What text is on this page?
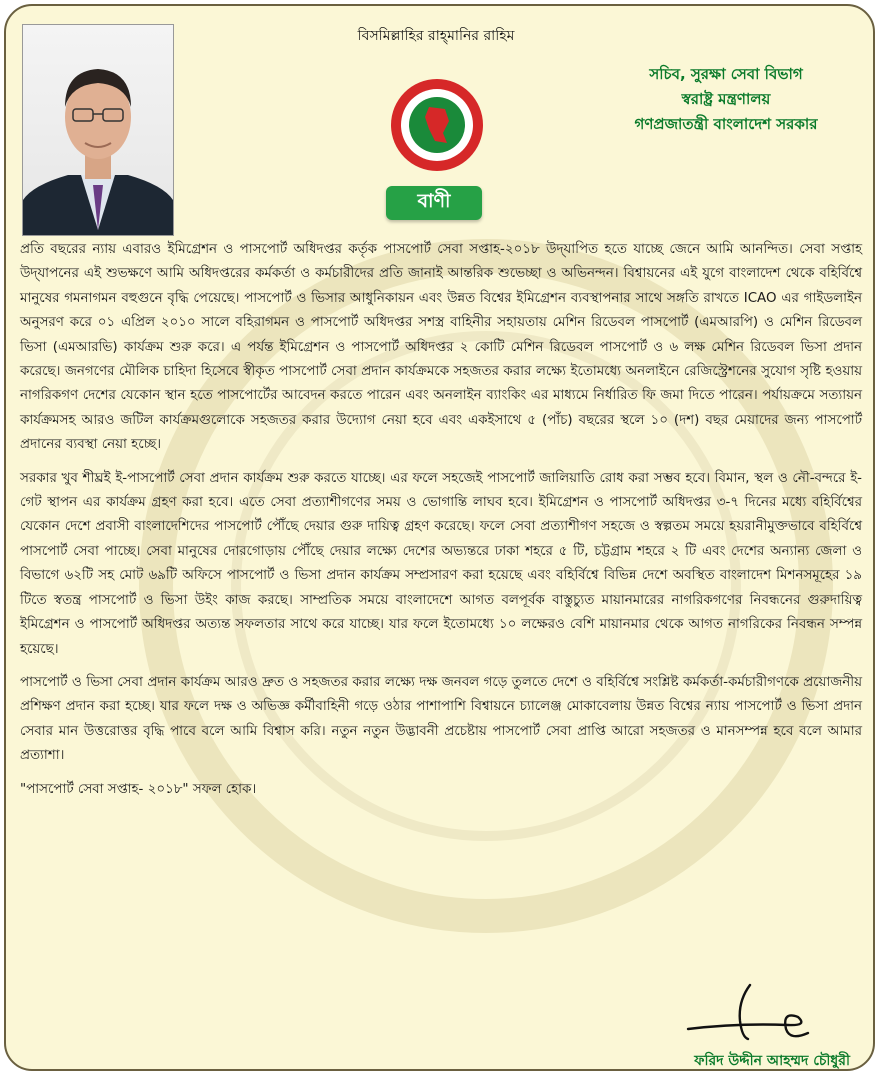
বিসমিল্লাহির রাহ্‌মানির রাহিম
সচিব, সুরক্ষা সেবা বিভাগ
স্বরাষ্ট্র মন্ত্রণালয়
গণপ্রজাতন্ত্রী বাংলাদেশ সরকার
বাণী

প্রতি বছরের ন্যায় এবারও ইমিগ্রেশন ও পাসপোর্ট অধিদপ্তর কর্তৃক পাসপোর্ট সেবা সপ্তাহ-২০১৮ উদ্‌যাপিত হতে যাচ্ছে জেনে আমি আনন্দিত। সেবা সপ্তাহ উদ্‌যাপনের এই শুভক্ষণে আমি অধিদপ্তরের কর্মকর্তা ও কর্মচারীদের প্রতি জানাই আন্তরিক শুভেচ্ছা ও অভিনন্দন। বিশ্বায়নের এই যুগে বাংলাদেশ থেকে বহির্বিশ্বে মানুষের গমনাগমন বহুগুনে বৃদ্ধি পেয়েছে। পাসপোর্ট ও ভিসার আধুনিকায়ন এবং উন্নত বিশ্বের ইমিগ্রেশন ব্যবস্থাপনার সাথে সঙ্গতি রাখতে ICAO এর গাইডলাইন অনুসরণ করে ০১ এপ্রিল ২০১০ সালে বহিরাগমন ও পাসপোর্ট অধিদপ্তর সশস্ত্র বাহিনীর সহায়তায় মেশিন রিডেবল পাসপোর্ট (এমআরপি) ও মেশিন রিডেবল ভিসা (এমআরভি) কার্যক্রম শুরু করে। এ পর্যন্ত ইমিগ্রেশন ও পাসপোর্ট অধিদপ্তর ২ কোটি মেশিন রিডেবল পাসপোর্ট ও ৬ লক্ষ মেশিন রিডেবল ভিসা প্রদান করেছে। জনগণের মৌলিক চাহিদা হিসেবে স্বীকৃত পাসপোর্ট সেবা প্রদান কার্যক্রমকে সহজতর করার লক্ষ্যে ইতোমধ্যে অনলাইনে রেজিস্ট্রেশনের সুযোগ সৃষ্টি হওয়ায় নাগরিকগণ দেশের যেকোন স্থান হতে পাসপোর্টের আবেদন করতে পারেন এবং অনলাইন ব্যাংকিং এর মাধ্যমে নির্ধারিত ফি জমা দিতে পারেন। পর্যায়ক্রমে সত্যায়ন কার্যক্রমসহ আরও জটিল কার্যক্রমগুলোকে সহজতর করার উদ্যোগ নেয়া হবে এবং একইসাথে ৫ (পাঁচ) বছরের স্থলে ১০ (দশ) বছর মেয়াদের জন্য পাসপোর্ট প্রদানের ব্যবস্থা নেয়া হচ্ছে।

সরকার খুব শীঘ্রই ই-পাসপোর্ট সেবা প্রদান কার্যক্রম শুরু করতে যাচ্ছে। এর ফলে সহজেই পাসপোর্ট জালিয়াতি রোধ করা সম্ভব হবে। বিমান, স্থল ও নৌ-বন্দরে ই-গেট স্থাপন এর কার্যক্রম গ্রহণ করা হবে। এতে সেবা প্রত্যাশীগণের সময় ও ভোগান্তি লাঘব হবে। ইমিগ্রেশন ও পাসপোর্ট অধিদপ্তর ৩-৭ দিনের মধ্যে বহির্বিশ্বের যেকোন দেশে প্রবাসী বাংলাদেশিদের পাসপোর্ট পৌঁছে দেয়ার গুরু দায়িত্ব গ্রহণ করেছে। ফলে সেবা প্রত্যাশীগণ সহজে ও স্বল্পতম সময়ে হয়রানীমুক্তভাবে বহির্বিশ্বে পাসপোর্ট সেবা পাচ্ছে। সেবা মানুষের দোরগোড়ায় পৌঁছে দেয়ার লক্ষ্যে দেশের অভ্যন্তরে ঢাকা শহরে ৫ টি, চট্টগ্রাম শহরে ২ টি এবং দেশের অন্যান্য জেলা ও বিভাগে ৬২টি সহ মোট ৬৯টি অফিসে পাসপোর্ট ও ভিসা প্রদান কার্যক্রম সম্প্রসারণ করা হয়েছে এবং বহির্বিশ্বে বিভিন্ন দেশে অবস্থিত বাংলাদেশ মিশনসমূহের ১৯ টিতে স্বতন্ত্র পাসপোর্ট ও ভিসা উইং কাজ করছে। সাম্প্রতিক সময়ে বাংলাদেশে আগত বলপূর্বক বাস্তুচ্যুত মায়ানমারের নাগরিকগণের নিবন্ধনের গুরুদায়িত্ব ইমিগ্রেশন ও পাসপোর্ট অধিদপ্তর অত্যন্ত সফলতার সাথে করে যাচ্ছে। যার ফলে ইতোমধ্যে ১০ লক্ষেরও বেশি মায়ানমার থেকে আগত নাগরিকের নিবন্ধন সম্পন্ন হয়েছে।

পাসপোর্ট ও ভিসা সেবা প্রদান কার্যক্রম আরও দ্রুত ও সহজতর করার লক্ষ্যে দক্ষ জনবল গড়ে তুলতে দেশে ও বহির্বিশ্বে সংশ্লিষ্ট কর্মকর্তা-কর্মচারীগণকে প্রয়োজনীয় প্রশিক্ষণ প্রদান করা হচ্ছে। যার ফলে দক্ষ ও অভিজ্ঞ কর্মীবাহিনী গড়ে ওঠার পাশাপাশি বিশ্বায়নে চ্যালেঞ্জ মোকাবেলায় উন্নত বিশ্বের ন্যায় পাসপোর্ট ও ভিসা প্রদান সেবার মান উত্তরোত্তর বৃদ্ধি পাবে বলে আমি বিশ্বাস করি। নতুন নতুন উদ্ভাবনী প্রচেষ্টায় পাসপোর্ট সেবা প্রাপ্তি আরো সহজতর ও মানসম্পন্ন হবে বলে আমার প্রত্যাশা।

"পাসপোর্ট সেবা সপ্তাহ- ২০১৮" সফল হোক।

ফরিদ উদ্দীন আহম্মদ চৌধুরী
